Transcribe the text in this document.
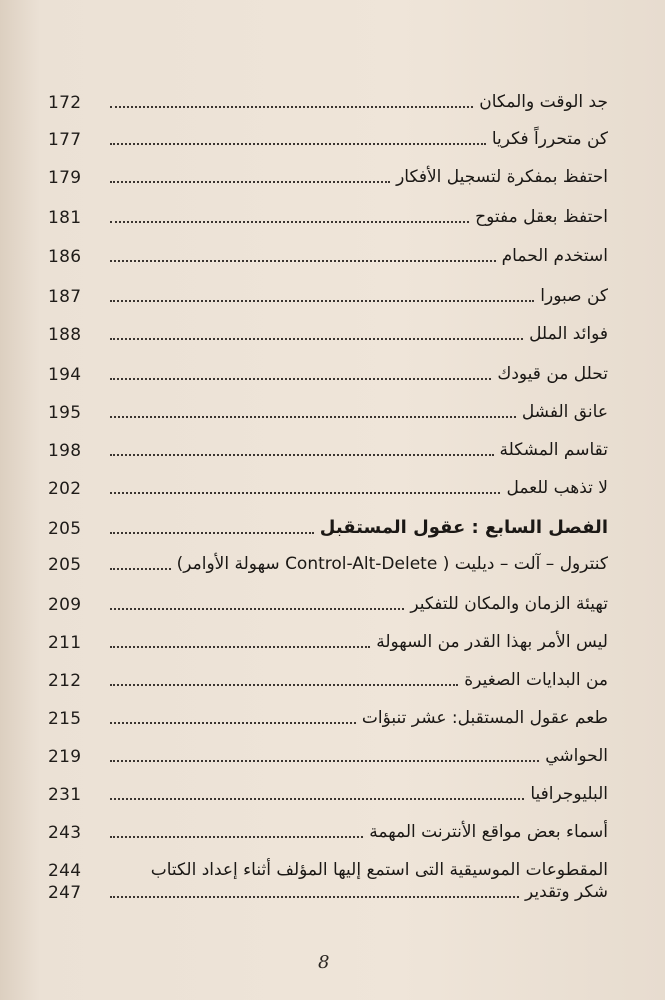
172	جد الوقت والمكان
177	كن متحرراً فكريا
179	احتفظ بمفكرة لتسجيل الأفكار
181	احتفظ بعقل مفتوح
186	استخدم الحمام
187	كن صبورا
188	فوائد الملل
194	تحلل من قيودك
195	عانق الفشل
198	تقاسم المشكلة
202	لا تذهب للعمل
205	الفصل السابع : عقول المستقبل
205	كنترول – آلت – ديليت ( Control-Alt-Delete سهولة الأوامر)
209	تهيئة الزمان والمكان للتفكير
211	ليس الأمر بهذا القدر من السهولة
212	من البدايات الصغيرة
215	طعم عقول المستقبل: عشر تنبؤات
219	الحواشي
231	البليوجرافيا
243	أسماء بعض مواقع الأنترنت المهمة
244	المقطوعات الموسيقية التى استمع إليها المؤلف أثناء إعداد الكتاب
247	شكر وتقدير
8
